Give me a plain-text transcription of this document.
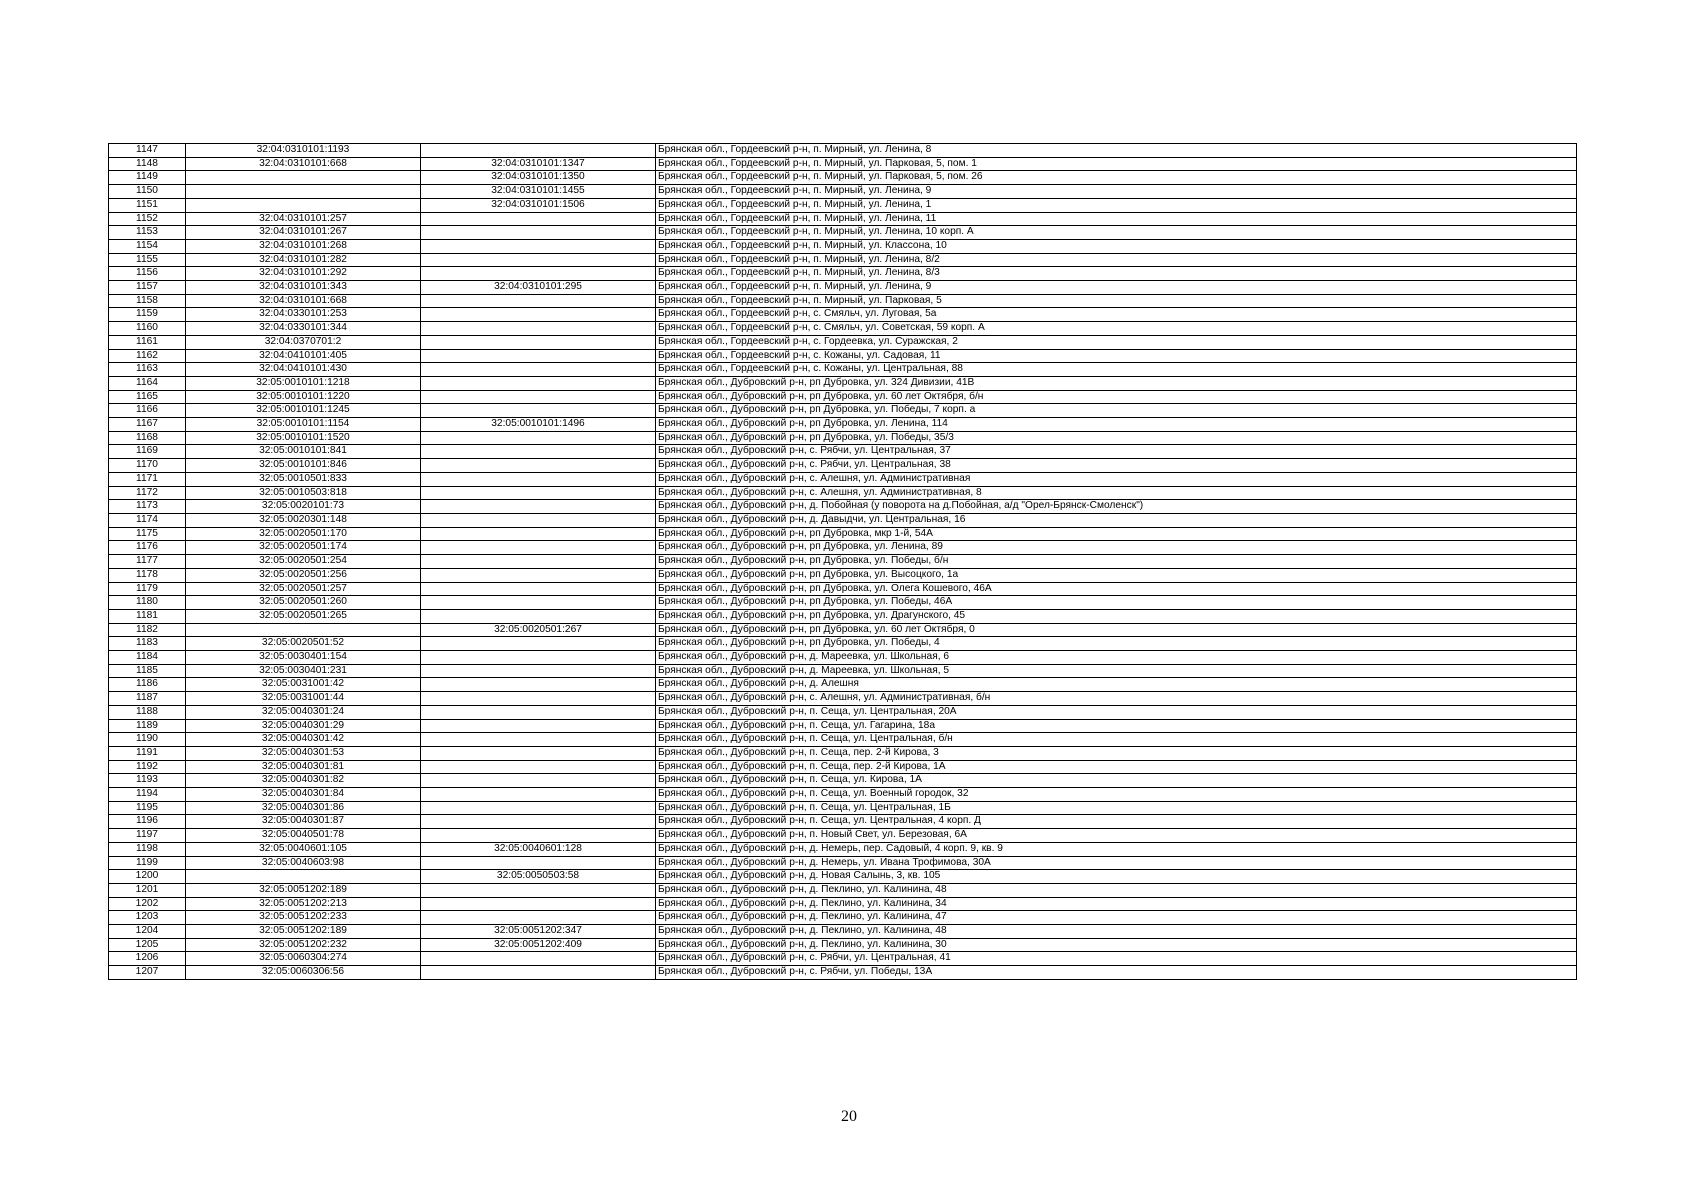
1147	32:04:0310101:1193		Брянская обл., Гордеевский р-н, п. Мирный, ул. Ленина, 8
1148	32:04:0310101:668	32:04:0310101:1347	Брянская обл., Гордеевский р-н, п. Мирный, ул. Парковая, 5, пом. 1
1149		32:04:0310101:1350	Брянская обл., Гордеевский р-н, п. Мирный, ул. Парковая, 5, пом. 26
1150		32:04:0310101:1455	Брянская обл., Гордеевский р-н, п. Мирный, ул. Ленина, 9
1151		32:04:0310101:1506	Брянская обл., Гордеевский р-н, п. Мирный, ул. Ленина, 1
1152	32:04:0310101:257		Брянская обл., Гордеевский р-н, п. Мирный, ул. Ленина, 11
1153	32:04:0310101:267		Брянская обл., Гордеевский р-н, п. Мирный, ул. Ленина, 10 корп. А
1154	32:04:0310101:268		Брянская обл., Гордеевский р-н, п. Мирный, ул. Классона, 10
1155	32:04:0310101:282		Брянская обл., Гордеевский р-н, п. Мирный, ул. Ленина, 8/2
1156	32:04:0310101:292		Брянская обл., Гордеевский р-н, п. Мирный, ул. Ленина, 8/3
1157	32:04:0310101:343	32:04:0310101:295	Брянская обл., Гордеевский р-н, п. Мирный, ул. Ленина, 9
1158	32:04:0310101:668		Брянская обл., Гордеевский р-н, п. Мирный, ул. Парковая, 5
1159	32:04:0330101:253		Брянская обл., Гордеевский р-н, с. Смяльч, ул. Луговая, 5а
1160	32:04:0330101:344		Брянская обл., Гордеевский р-н, с. Смяльч, ул. Советская, 59 корп. А
1161	32:04:0370701:2		Брянская обл., Гордеевский р-н, с. Гордеевка, ул. Суражская, 2
1162	32:04:0410101:405		Брянская обл., Гордеевский р-н, с. Кожаны, ул. Садовая, 11
1163	32:04:0410101:430		Брянская обл., Гордеевский р-н, с. Кожаны, ул. Центральная, 88
1164	32:05:0010101:1218		Брянская обл., Дубровский р-н, рп Дубровка, ул. 324 Дивизии, 41В
1165	32:05:0010101:1220		Брянская обл., Дубровский р-н, рп Дубровка, ул. 60 лет Октября, б/н
1166	32:05:0010101:1245		Брянская обл., Дубровский р-н, рп Дубровка, ул. Победы, 7 корп. а
1167	32:05:0010101:1154	32:05:0010101:1496	Брянская обл., Дубровский р-н, рп Дубровка, ул. Ленина, 114
1168	32:05:0010101:1520		Брянская обл., Дубровский р-н, рп Дубровка, ул. Победы, 35/3
1169	32:05:0010101:841		Брянская обл., Дубровский р-н, с. Рябчи, ул. Центральная, 37
1170	32:05:0010101:846		Брянская обл., Дубровский р-н, с. Рябчи, ул. Центральная, 38
1171	32:05:0010501:833		Брянская обл., Дубровский р-н, с. Алешня, ул. Административная
1172	32:05:0010503:818		Брянская обл., Дубровский р-н, с. Алешня, ул. Административная, 8
1173	32:05:0020101:73		Брянская обл., Дубровский р-н, д. Побойная (у поворота на д.Побойная, а/д "Орел-Брянск-Смоленск")
1174	32:05:0020301:148		Брянская обл., Дубровский р-н, д. Давыдчи, ул. Центральная, 16
1175	32:05:0020501:170		Брянская обл., Дубровский р-н, рп Дубровка, мкр 1-й, 54А
1176	32:05:0020501:174		Брянская обл., Дубровский р-н, рп Дубровка, ул. Ленина, 89
1177	32:05:0020501:254		Брянская обл., Дубровский р-н, рп Дубровка, ул. Победы, б/н
1178	32:05:0020501:256		Брянская обл., Дубровский р-н, рп Дубровка, ул. Высоцкого, 1а
1179	32:05:0020501:257		Брянская обл., Дубровский р-н, рп Дубровка, ул. Олега Кошевого, 46А
1180	32:05:0020501:260		Брянская обл., Дубровский р-н, рп Дубровка, ул. Победы, 46А
1181	32:05:0020501:265		Брянская обл., Дубровский р-н, рп Дубровка, ул. Драгунского, 45
1182		32:05:0020501:267	Брянская обл., Дубровский р-н, рп Дубровка, ул. 60 лет Октября, 0
1183	32:05:0020501:52		Брянская обл., Дубровский р-н, рп Дубровка, ул. Победы, 4
1184	32:05:0030401:154		Брянская обл., Дубровский р-н, д. Мареевка, ул. Школьная, 6
1185	32:05:0030401:231		Брянская обл., Дубровский р-н, д. Мареевка, ул. Школьная, 5
1186	32:05:0031001:42		Брянская обл., Дубровский р-н, д. Алешня
1187	32:05:0031001:44		Брянская обл., Дубровский р-н, с. Алешня, ул. Административная, б/н
1188	32:05:0040301:24		Брянская обл., Дубровский р-н, п. Сеща, ул. Центральная, 20А
1189	32:05:0040301:29		Брянская обл., Дубровский р-н, п. Сеща, ул. Гагарина, 18а
1190	32:05:0040301:42		Брянская обл., Дубровский р-н, п. Сеща, ул. Центральная, б/н
1191	32:05:0040301:53		Брянская обл., Дубровский р-н, п. Сеща, пер. 2-й Кирова, 3
1192	32:05:0040301:81		Брянская обл., Дубровский р-н, п. Сеща, пер. 2-й Кирова, 1А
1193	32:05:0040301:82		Брянская обл., Дубровский р-н, п. Сеща, ул. Кирова, 1А
1194	32:05:0040301:84		Брянская обл., Дубровский р-н, п. Сеща, ул. Военный городок, 32
1195	32:05:0040301:86		Брянская обл., Дубровский р-н, п. Сеща, ул. Центральная, 1Б
1196	32:05:0040301:87		Брянская обл., Дубровский р-н, п. Сеща, ул. Центральная, 4 корп. Д
1197	32:05:0040501:78		Брянская обл., Дубровский р-н, п. Новый Свет, ул. Березовая, 6А
1198	32:05:0040601:105	32:05:0040601:128	Брянская обл., Дубровский р-н, д. Немерь, пер. Садовый, 4 корп. 9, кв. 9
1199	32:05:0040603:98		Брянская обл., Дубровский р-н, д. Немерь, ул. Ивана Трофимова, 30А
1200		32:05:0050503:58	Брянская обл., Дубровский р-н, д. Новая Салынь, 3, кв. 105
1201	32:05:0051202:189		Брянская обл., Дубровский р-н, д. Пеклино, ул. Калинина, 48
1202	32:05:0051202:213		Брянская обл., Дубровский р-н, д. Пеклино, ул. Калинина, 34
1203	32:05:0051202:233		Брянская обл., Дубровский р-н, д. Пеклино, ул. Калинина, 47
1204	32:05:0051202:189	32:05:0051202:347	Брянская обл., Дубровский р-н, д. Пеклино, ул. Калинина, 48
1205	32:05:0051202:232	32:05:0051202:409	Брянская обл., Дубровский р-н, д. Пеклино, ул. Калинина, 30
1206	32:05:0060304:274		Брянская обл., Дубровский р-н, с. Рябчи, ул. Центральная, 41
1207	32:05:0060306:56		Брянская обл., Дубровский р-н, с. Рябчи, ул. Победы, 13А
20
